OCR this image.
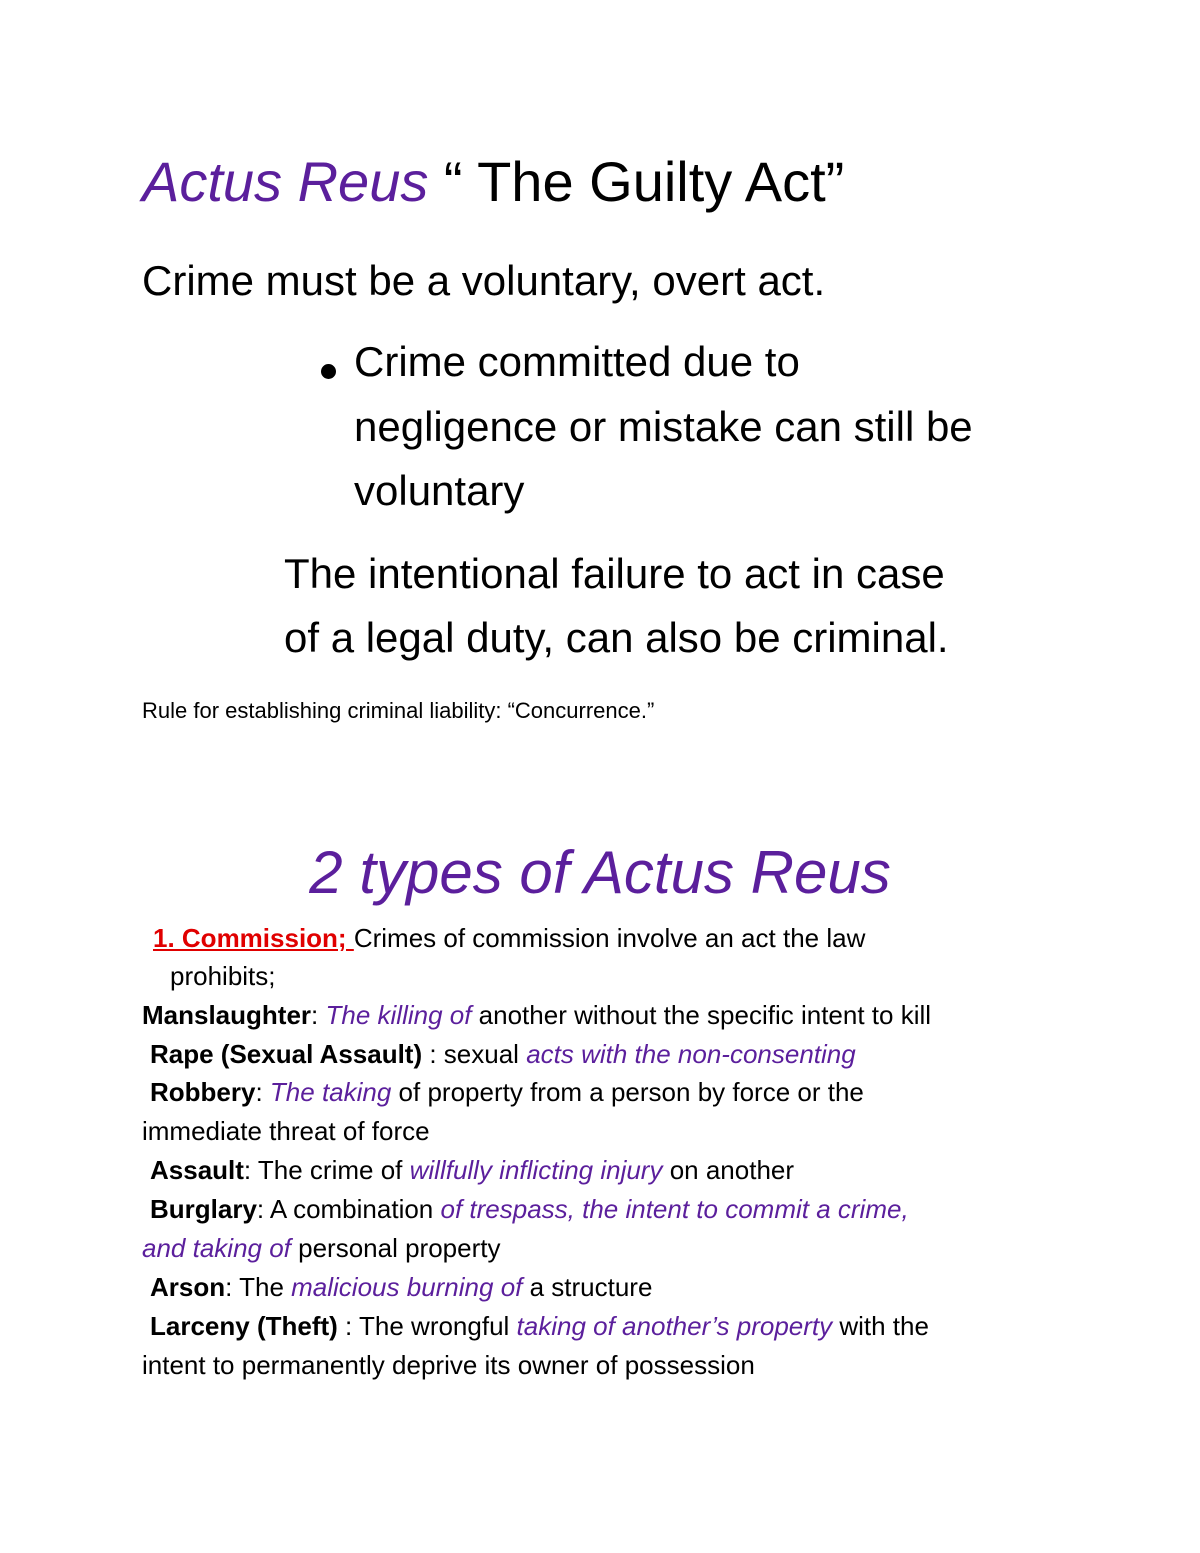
Actus Reus “ The Guilty Act”
Crime must be a voluntary, overt act.
Crime committed due to
negligence or mistake can still be
voluntary
The intentional failure to act in case
of a legal duty, can also be criminal.
Rule for establishing criminal liability: “Concurrence.”
2 types of Actus Reus
1. Commission; Crimes of commission involve an act the law
prohibits;
Manslaughter: The killing of another without the specific intent to kill
Rape (Sexual Assault) : sexual acts with the non-consenting
Robbery: The taking of property from a person by force or the
immediate threat of force
Assault: The crime of willfully inflicting injury on another
Burglary: A combination of trespass, the intent to commit a crime,
and taking of personal property
Arson: The malicious burning of a structure
Larceny (Theft) : The wrongful taking of another’s property with the
intent to permanently deprive its owner of possession
